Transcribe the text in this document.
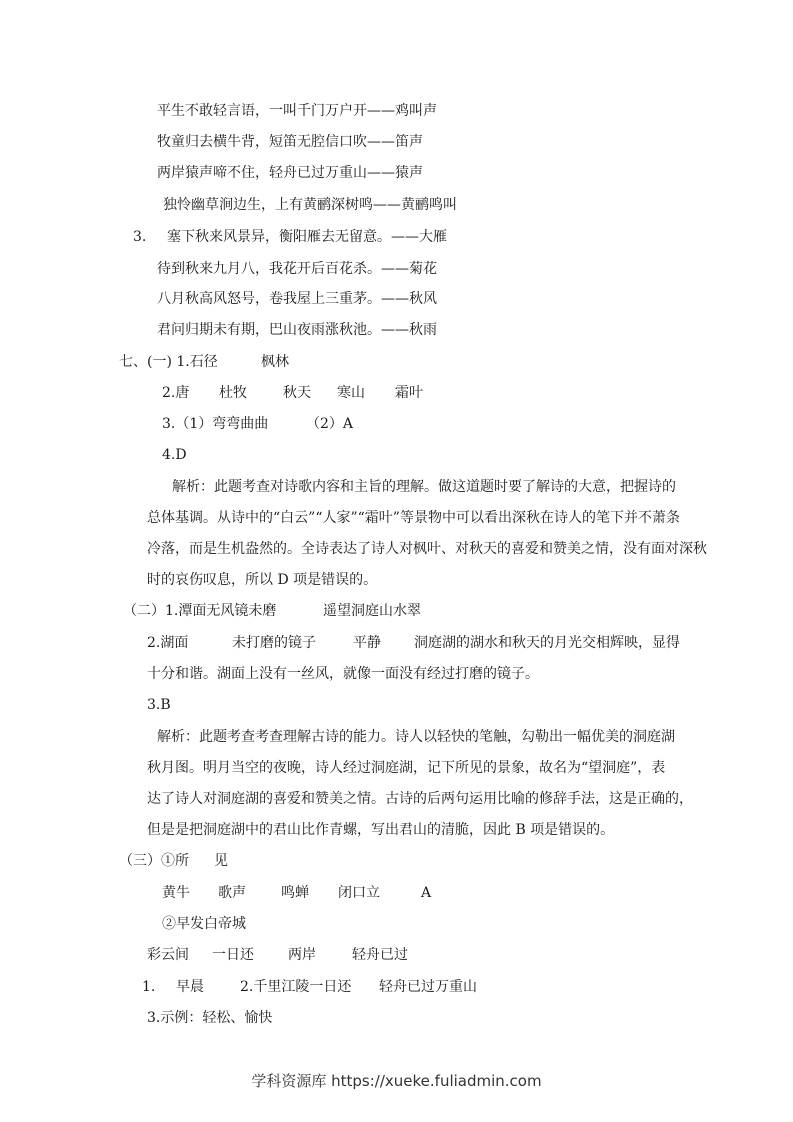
平生不敢轻言语，一叫千门万户开——鸡叫声
牧童归去横牛背，短笛无腔信口吹——笛声
两岸猿声啼不住，轻舟已过万重山——猿声
独怜幽草涧边生，上有黄鹂深树鸣——黄鹂鸣叫
3. 塞下秋来风景异，衡阳雁去无留意。——大雁
待到秋来九月八，我花开后百花杀。——菊花
八月秋高风怒号，卷我屋上三重茅。——秋风
君问归期未有期，巴山夜雨涨秋池。——秋雨
七、(一) 1.石径	枫林
2.唐 杜牧	秋天 寒山 霜叶
3.（1）弯弯曲曲	（2）A
4.D
解析：此题考查对诗歌内容和主旨的理解。做这道题时要了解诗的大意，把握诗的
总体基调。从诗中的“白云”“人家”“霜叶”等景物中可以看出深秋在诗人的笔下并不萧条
冷落，而是生机盎然的。全诗表达了诗人对枫叶、对秋天的喜爱和赞美之情，没有面对深秋
时的哀伤叹息，所以 D 项是错误的。
（二）1.潭面无风镜未磨	遥望洞庭山水翠
2.湖面	未打磨的镜子	平静 洞庭湖的湖水和秋天的月光交相辉映，显得
十分和谐。湖面上没有一丝风，就像一面没有经过打磨的镜子。
3.B
解析：此题考查考查理解古诗的能力。诗人以轻快的笔触，勾勒出一幅优美的洞庭湖
秋月图。明月当空的夜晚，诗人经过洞庭湖，记下所见的景象，故名为“望洞庭”，表
达了诗人对洞庭湖的喜爱和赞美之情。古诗的后两句运用比喻的修辞手法，这是正确的，
但是是把洞庭湖中的君山比作青螺，写出君山的清脆，因此 B 项是错误的。
（三）①所 见
黄牛 歌声	鸣蝉 闭口立	A
②早发白帝城
彩云间 一日还 两岸	轻舟已过
1. 早晨	2.千里江陵一日还 轻舟已过万重山
3.示例：轻松、愉快
学科资源库 https://xueke.fuliadmin.com
